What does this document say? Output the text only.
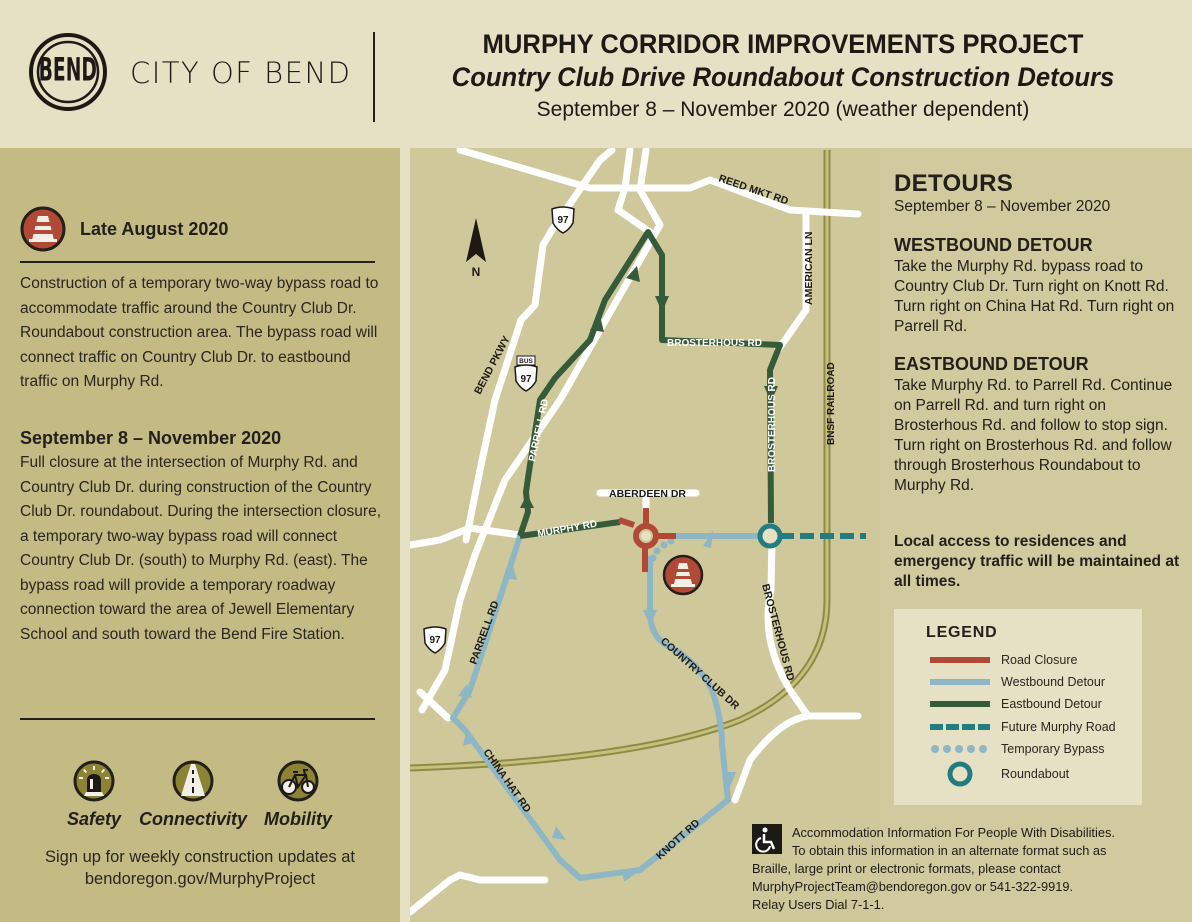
BEND CITY OF BEND
MURPHY CORRIDOR IMPROVEMENTS PROJECT
Country Club Drive Roundabout Construction Detours
September 8 – November 2020 (weather dependent)
Late August 2020
Construction of a temporary two-way bypass road to accommodate traffic around the Country Club Dr. Roundabout construction area. The bypass road will connect traffic on Country Club Dr. to eastbound traffic on Murphy Rd.
September 8 – November 2020
Full closure at the intersection of Murphy Rd. and Country Club Dr. during construction of the Country Club Dr. roundabout. During the intersection closure, a temporary two-way bypass road will connect Country Club Dr. (south) to Murphy Rd. (east). The bypass road will provide a temporary roadway connection toward the area of Jewell Elementary School and south toward the Bend Fire Station.
Safety Connectivity Mobility
Sign up for weekly construction updates at
bendoregon.gov/MurphyProject
N
97
BUS
97
97
REED MKT RD
AMERICAN LN
BNSF RAILROAD
BEND PKWY	BROSTERHOUS RD
BROSTERHOUS RD
BROSTERHOUS RD
PARRELL RD
PARRELL RD
MURPHY RD
ABERDEEN DR
COUNTRY CLUB DR
CHINA HAT RD
KNOTT RD
DETOURS
September 8 – November 2020
WESTBOUND DETOUR
Take the Murphy Rd. bypass road to Country Club Dr. Turn right on Knott Rd. Turn right on China Hat Rd. Turn right on Parrell Rd.
EASTBOUND DETOUR
Take Murphy Rd. to Parrell Rd. Continue on Parrell Rd. and turn right on Brosterhous Rd. and follow to stop sign. Turn right on Brosterhous Rd. and follow through Brosterhous Roundabout to Murphy Rd.
Local access to residences and emergency traffic will be maintained at all times.
LEGEND
Road Closure
Westbound Detour
Eastbound Detour
Future Murphy Road
Temporary Bypass
Roundabout
Accommodation Information For People With Disabilities.
To obtain this information in an alternate format such as
Braille, large print or electronic formats, please contact
MurphyProjectTeam@bendoregon.gov or 541-322-9919.
Relay Users Dial 7-1-1.
